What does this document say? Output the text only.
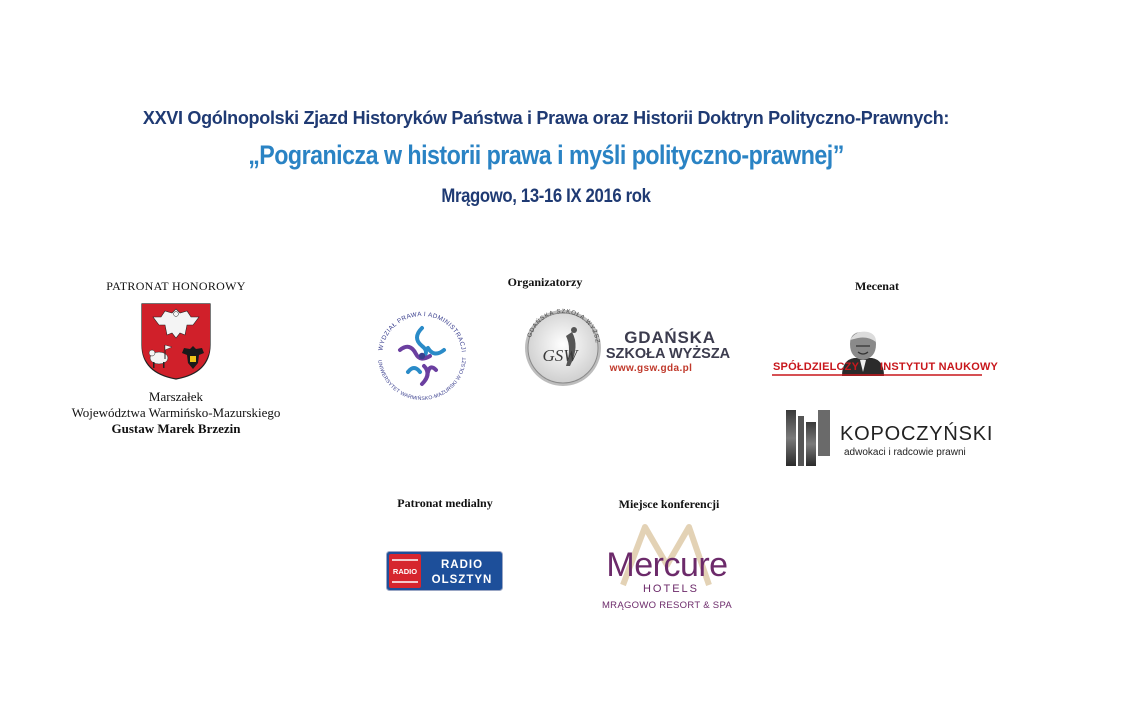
XXVI Ogólnopolski Zjazd Historyków Państwa i Prawa oraz Historii Doktryn Polityczno-Prawnych:
„Pogranicza w historii prawa i myśli polityczno-prawnej”
Mrągowo, 13-16 IX 2016 rok
PATRONAT HONOROWY
Marszałek
Województwa Warmińsko-Mazurskiego
Gustaw Marek Brzezin
Organizatorzy
WYDZIAŁ PRAWA I ADMINISTRACJI
UNIWERSYTET WARMIŃSKO-MAZURSKI W OLSZT
GDAŃSKA SZKOŁA WYŻSZ
GSW
GDAŃSKA
SZKOŁA WYŻSZA
www.gsw.gda.pl
Mecenat
SPÓŁDZIELCZY INSTYTUT NAUKOWY
KOPOCZYŃSKI
adwokaci i radcowie prawni
Patronat medialny
RADIO
RADIO
OLSZTYN
Miejsce konferencji
Mercure
HOTELS
MRĄGOWO RESORT & SPA
